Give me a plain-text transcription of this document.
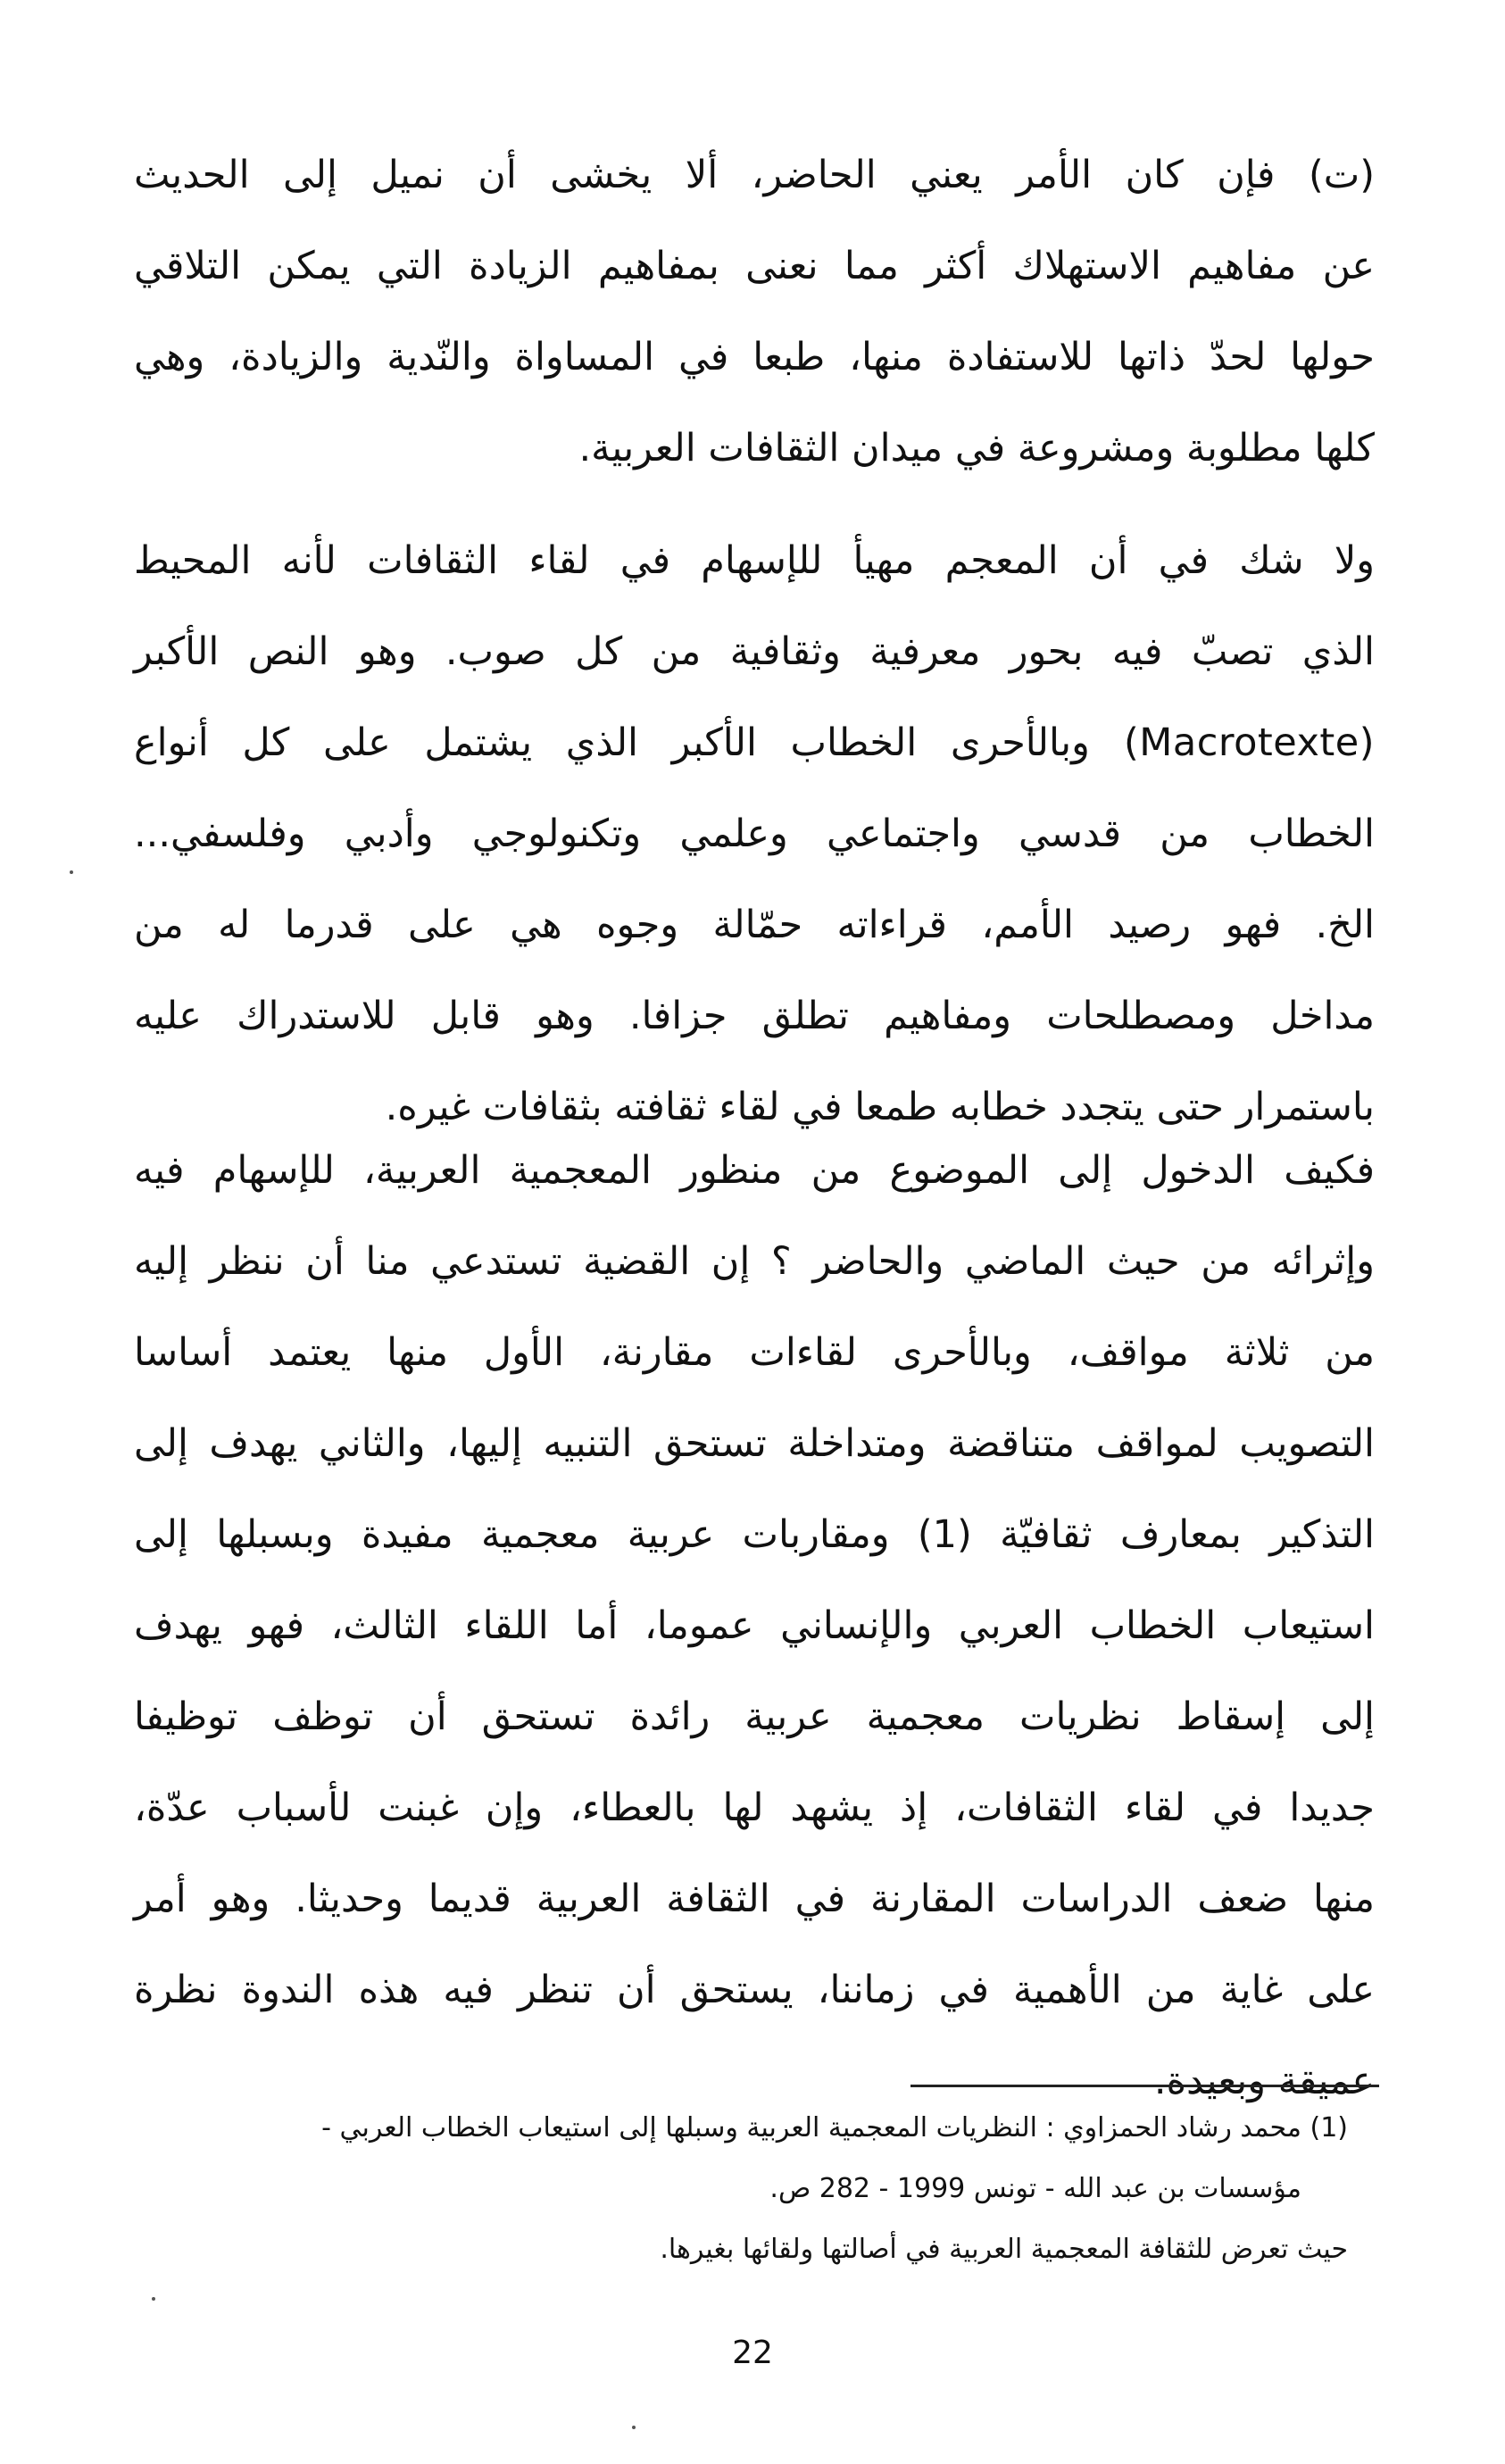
(ت) فإن كان الأمر يعني الحاضر، ألا يخشى أن نميل إلى الحديث
عن مفاهيم الاستهلاك أكثر مما نعنى بمفاهيم الزيادة التي يمكن التلاقي
حولها لحدّ ذاتها للاستفادة منها، طبعا في المساواة والنّدية والزيادة، وهي
كلها مطلوبة ومشروعة في ميدان الثقافات العربية.
ولا شك في أن المعجم مهيأ للإسهام في لقاء الثقافات لأنه المحيط
الذي تصبّ فيه بحور معرفية وثقافية من كل صوب. وهو النص الأكبر
(Macrotexte) وبالأحرى الخطاب الأكبر الذي يشتمل على كل أنواع
الخطاب من قدسي واجتماعي وعلمي وتكنولوجي وأدبي وفلسفي...
الخ. فهو رصيد الأمم، قراءاته حمّالة وجوه هي على قدرما له من
مداخل ومصطلحات ومفاهيم تطلق جزافا. وهو قابل للاستدراك عليه
باستمرار حتى يتجدد خطابه طمعا في لقاء ثقافته بثقافات غيره.
فكيف الدخول إلى الموضوع من منظور المعجمية العربية، للإسهام فيه
وإثرائه من حيث الماضي والحاضر ؟ إن القضية تستدعي منا أن ننظر إليه
من ثلاثة مواقف، وبالأحرى لقاءات مقارنة، الأول منها يعتمد أساسا
التصويب لمواقف متناقضة ومتداخلة تستحق التنبيه إليها، والثاني يهدف إلى
التذكير بمعارف ثقافيّة (1) ومقاربات عربية معجمية مفيدة وبسبلها إلى
استيعاب الخطاب العربي والإنساني عموما، أما اللقاء الثالث، فهو يهدف
إلى إسقاط نظريات معجمية عربية رائدة تستحق أن توظف توظيفا
جديدا في لقاء الثقافات، إذ يشهد لها بالعطاء، وإن غبنت لأسباب عدّة،
منها ضعف الدراسات المقارنة في الثقافة العربية قديما وحديثا. وهو أمر
على غاية من الأهمية في زماننا، يستحق أن تنظر فيه هذه الندوة نظرة
عميقة وبعيدة.
(1) محمد رشاد الحمزاوي : النظريات المعجمية العربية وسبلها إلى استيعاب الخطاب العربي -
مؤسسات بن عبد الله - تونس 1999 - 282 ص.
حيث تعرض للثقافة المعجمية العربية في أصالتها ولقائها بغيرها.
22
